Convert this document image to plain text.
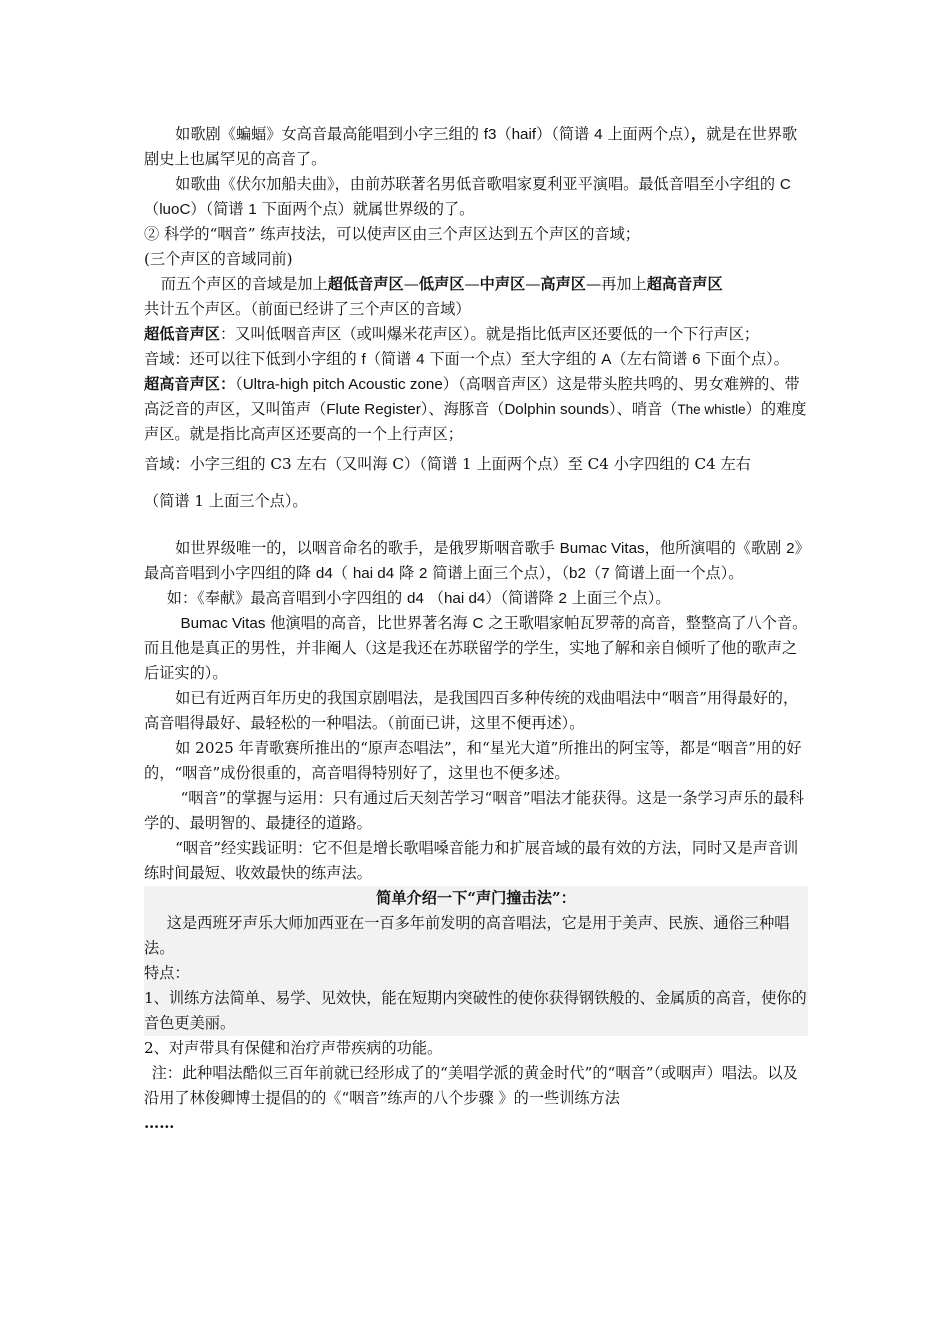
如歌剧《蝙蝠》女高音最高能唱到小字三组的 f3（haif）（简谱 4 上面两个点），就是在世界歌剧史上也属罕见的高音了。

如歌曲《伏尔加船夫曲》，由前苏联著名男低音歌唱家夏利亚平演唱。最低音唱至小字组的 C（luoC）（简谱 1 下面两个点）就属世界级的了。

② 科学的“咽音” 练声技法，可以使声区由三个声区达到五个声区的音域；

(三个声区的音域同前)

而五个声区的音域是加上超低音声区—低声区—中声区—高声区—再加上超高音声区

共计五个声区。（前面已经讲了三个声区的音域）

超低音声区：又叫低咽音声区（或叫爆米花声区）。就是指比低声区还要低的一个下行声区；

音域：还可以往下低到小字组的 f（简谱 4 下面一个点）至大字组的 A（左右简谱 6 下面个点）。

超高音声区：（Ultra-high pitch Acoustic zone）（高咽音声区）这是带头腔共鸣的、男女难辨的、带高泛音的声区，又叫笛声（Flute Register）、海豚音（Dolphin sounds）、哨音（The whistle）的难度声区。就是指比高声区还要高的一个上行声区；

音域：小字三组的 C3 左右（又叫海 C）（简谱 1 上面两个点）至 C4 小字四组的 C4 左右

（简谱 1 上面三个点）。

如世界级唯一的，以咽音命名的歌手，是俄罗斯咽音歌手 Bumac Vitas，他所演唱的《歌剧 2》最高音唱到小字四组的降 d4（ hai d4 降 2 简谱上面三个点），（b2（7 简谱上面一个点）。

如：《奉献》最高音唱到小字四组的 d4 （hai d4）（简谱降 2 上面三个点）。

Bumac Vitas 他演唱的高音，比世界著名海 C 之王歌唱家帕瓦罗蒂的高音，整整高了八个音。而且他是真正的男性，并非阉人（这是我还在苏联留学的学生，实地了解和亲自倾听了他的歌声之后证实的）。

如已有近两百年历史的我国京剧唱法，是我国四百多种传统的戏曲唱法中“咽音”用得最好的，高音唱得最好、最轻松的一种唱法。（前面已讲，这里不便再述）。

如 2025 年青歌赛所推出的“原声态唱法”，和“星光大道”所推出的阿宝等，都是“咽音”用的好的，“咽音”成份很重的，高音唱得特别好了，这里也不便多述。

“咽音”的掌握与运用：只有通过后天刻苦学习“咽音”唱法才能获得。这是一条学习声乐的最科学的、最明智的、最捷径的道路。

“咽音”经实践证明：它不但是增长歌唱嗓音能力和扩展音域的最有效的方法，同时又是声音训练时间最短、收效最快的练声法。

简单介绍一下“声门撞击法”：

这是西班牙声乐大师加西亚在一百多年前发明的高音唱法，它是用于美声、民族、通俗三种唱法。

特点：

1、训练方法简单、易学、见效快，能在短期内突破性的使你获得钢铁般的、金属质的高音，使你的音色更美丽。

2、对声带具有保健和治疗声带疾病的功能。

注：此种唱法酷似三百年前就已经形成了的“美唱学派的黄金时代”的“咽音”（或咽声）唱法。以及沿用了林俊卿博士提倡的的《“咽音”练声的八个步骤 》的一些训练方法

……
